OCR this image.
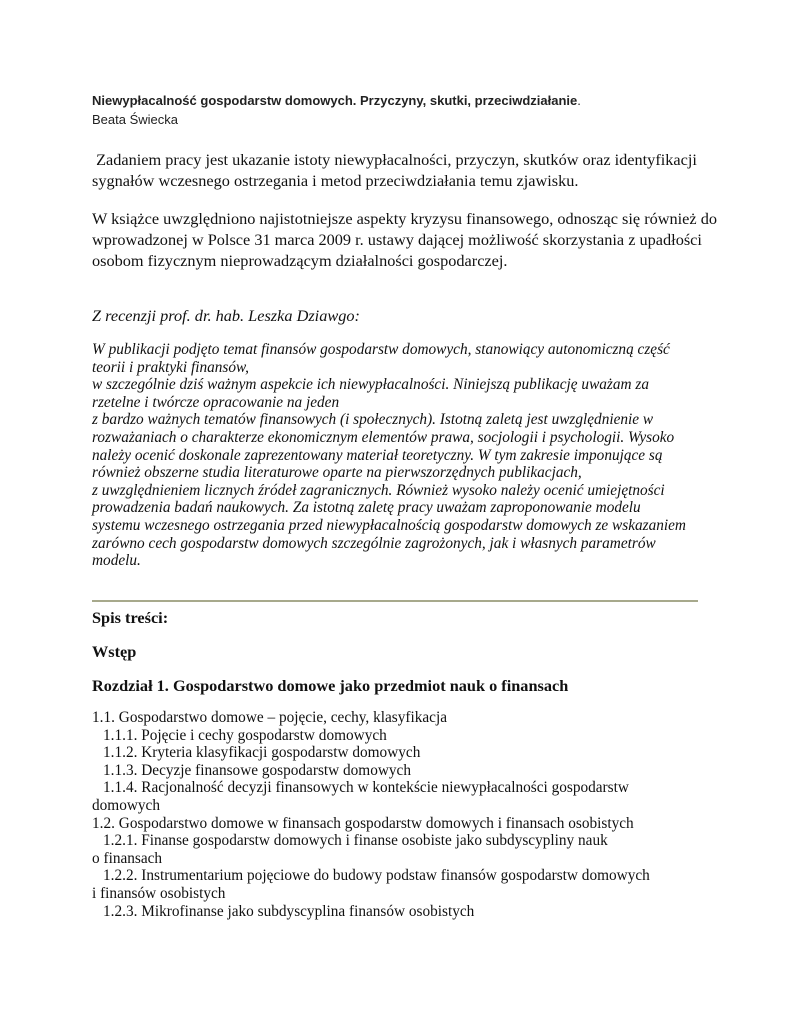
Niewypłacalność gospodarstw domowych. Przyczyny, skutki, przeciwdziałanie.
Beata Świecka
Zadaniem pracy jest ukazanie istoty niewypłacalności, przyczyn, skutków oraz identyfikacji
sygnałów wczesnego ostrzegania i metod przeciwdziałania temu zjawisku.
W książce uwzględniono najistotniejsze aspekty kryzysu finansowego, odnosząc się również do
wprowadzonej w Polsce 31 marca 2009 r. ustawy dającej możliwość skorzystania z upadłości
osobom fizycznym nieprowadzącym działalności gospodarczej.
Z recenzji prof. dr. hab. Leszka Dziawgo:
W publikacji podjęto temat finansów gospodarstw domowych, stanowiący autonomiczną część
teorii i praktyki finansów,
w szczególnie dziś ważnym aspekcie ich niewypłacalności. Niniejszą publikację uważam za
rzetelne i twórcze opracowanie na jeden
z bardzo ważnych tematów finansowych (i społecznych). Istotną zaletą jest uwzględnienie w
rozważaniach o charakterze ekonomicznym elementów prawa, socjologii i psychologii. Wysoko
należy ocenić doskonale zaprezentowany materiał teoretyczny. W tym zakresie imponujące są
również obszerne studia literaturowe oparte na pierwszorzędnych publikacjach,
z uwzględnieniem licznych źródeł zagranicznych. Również wysoko należy ocenić umiejętności
prowadzenia badań naukowych. Za istotną zaletę pracy uważam zaproponowanie modelu
systemu wczesnego ostrzegania przed niewypłacalnością gospodarstw domowych ze wskazaniem
zarówno cech gospodarstw domowych szczególnie zagrożonych, jak i własnych parametrów
modelu.
Spis treści:
Wstęp
Rozdział 1. Gospodarstwo domowe jako przedmiot nauk o finansach
1.1. Gospodarstwo domowe – pojęcie, cechy, klasyfikacja
1.1.1. Pojęcie i cechy gospodarstw domowych
1.1.2. Kryteria klasyfikacji gospodarstw domowych
1.1.3. Decyzje finansowe gospodarstw domowych
1.1.4. Racjonalność decyzji finansowych w kontekście niewypłacalności gospodarstw
domowych
1.2. Gospodarstwo domowe w finansach gospodarstw domowych i finansach osobistych
1.2.1. Finanse gospodarstw domowych i finanse osobiste jako subdyscypliny nauk
o finansach
1.2.2. Instrumentarium pojęciowe do budowy podstaw finansów gospodarstw domowych
i finansów osobistych
1.2.3. Mikrofinanse jako subdyscyplina finansów osobistych
